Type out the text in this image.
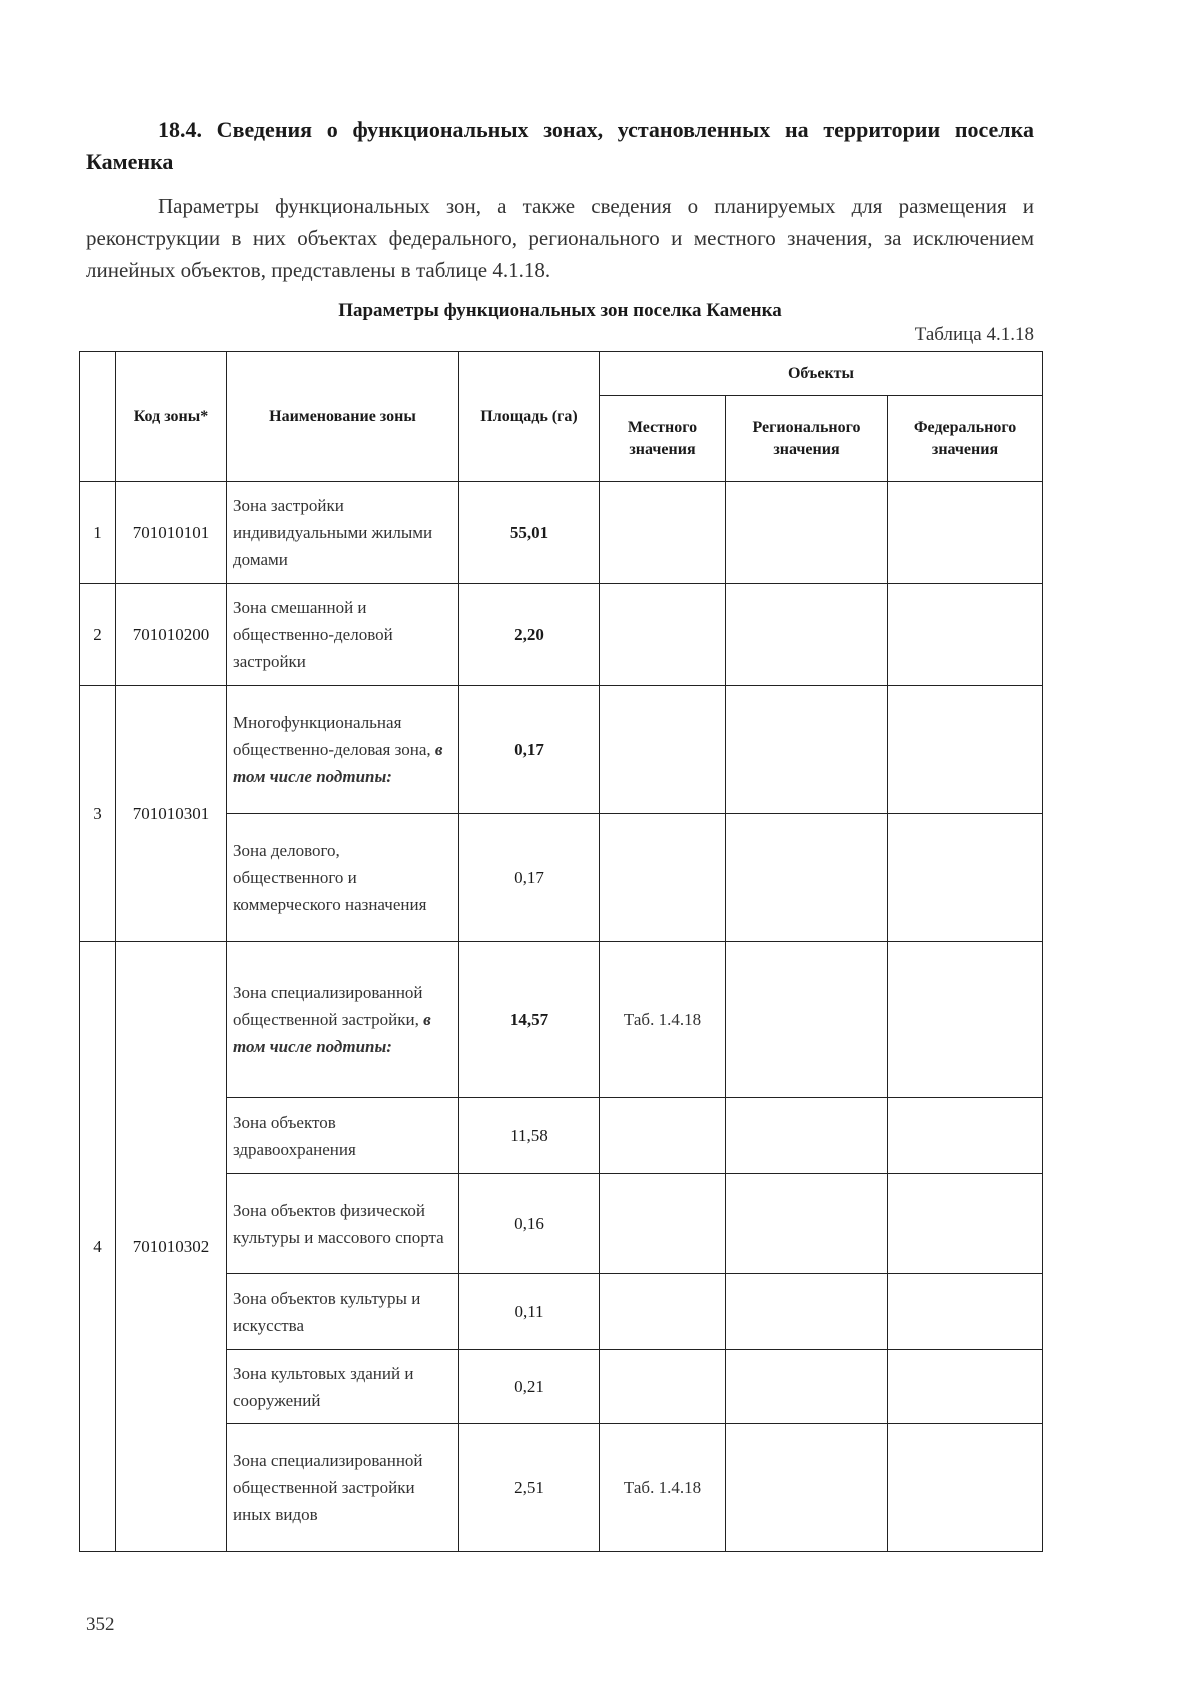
18.4. Сведения о функциональных зонах, установленных на территории поселка Каменка
Параметры функциональных зон, а также сведения о планируемых для размещения и реконструкции в них объектах федерального, регионального и местного значения, за исключением линейных объектов, представлены в таблице 4.1.18.
Параметры функциональных зон поселка Каменка
Таблица 4.1.18
	Код зоны*	Наименование зоны	Площадь (га)	Объекты		
				Местного значения	Регионального значения	Федерального значения
1	701010101	Зона застройки индивидуальными жилыми домами	55,01			
2	701010200	Зона смешанной и общественно-деловой застройки	2,20			
3	701010301	Многофункциональная общественно-деловая зона, в том числе подтипы:	0,17			
		Зона делового, общественного и коммерческого назначения	0,17			
4	701010302	Зона специализированной общественной застройки, в том числе подтипы:	14,57	Таб. 1.4.18		
		Зона объектов здравоохранения	11,58			
		Зона объектов физической культуры и массового спорта	0,16			
		Зона объектов культуры и искусства	0,11			
		Зона культовых зданий и сооружений	0,21			
		Зона специализированной общественной застройки иных видов	2,51	Таб. 1.4.18		
352
